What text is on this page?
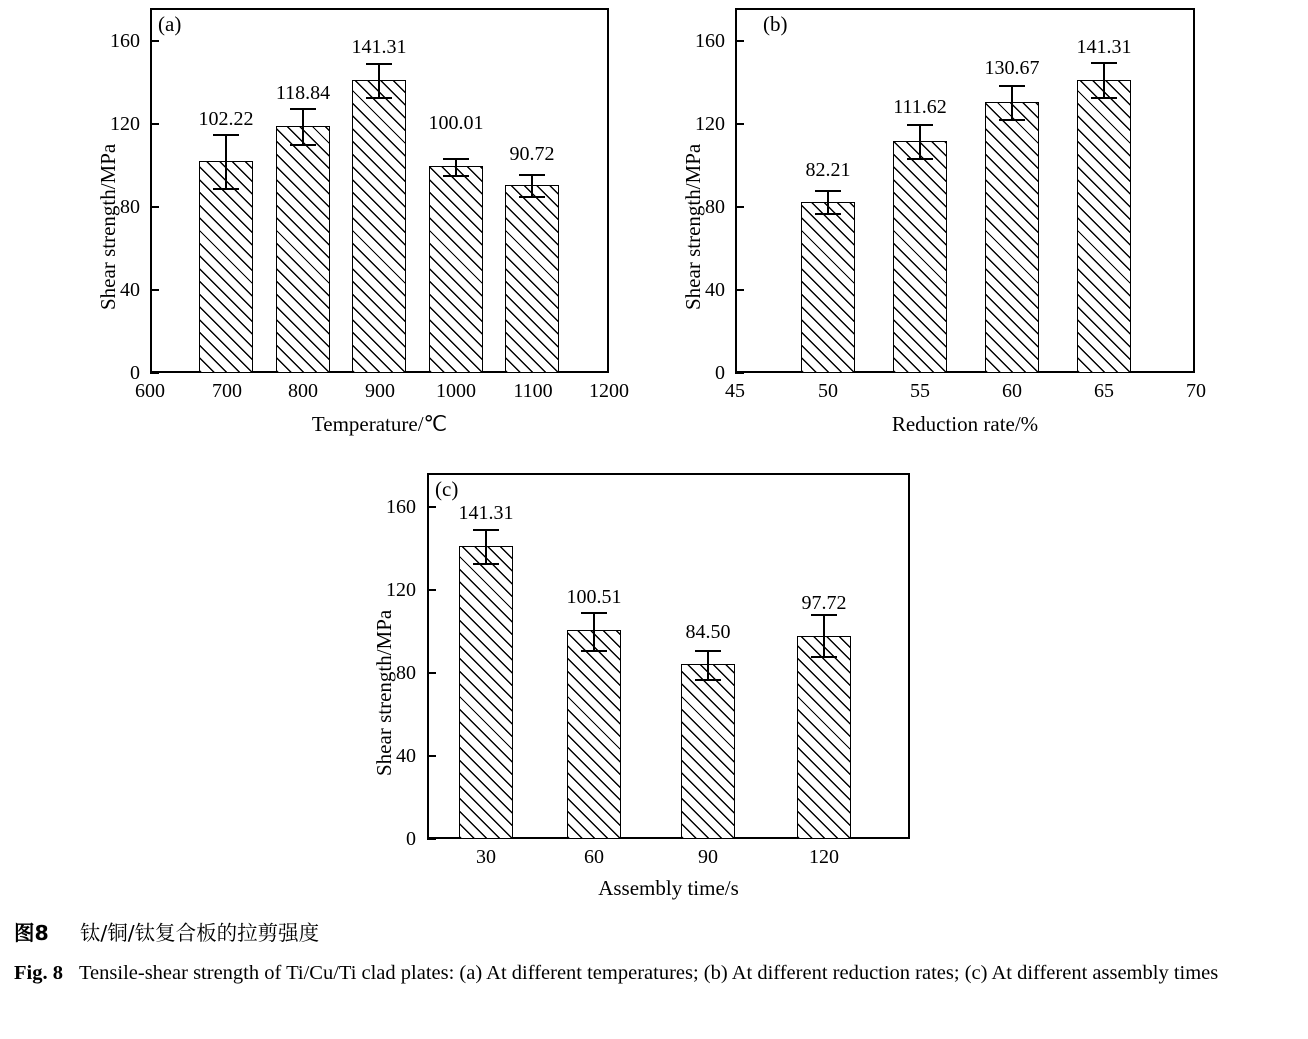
(a)
Shear strength/MPa
0
40
80
120
160
600	700	800	900	1000	1100	1200
Temperature/℃
102.22
118.84
141.31
100.01
90.72
(b)
Shear strength/MPa
0
40
80
120
160
45	50	55	60	65	70
Reduction rate/%
82.21
111.62
130.67
141.31
(c)
Shear strength/MPa
0
40
80
120
160
30	60	90	120
Assembly time/s
141.31
100.51
84.50
97.72
图8 钛/铜/钛复合板的拉剪强度
Fig. 8 Tensile-shear strength of Ti/Cu/Ti clad plates: (a) At different temperatures; (b) At different reduction rates; (c) At different assembly times
